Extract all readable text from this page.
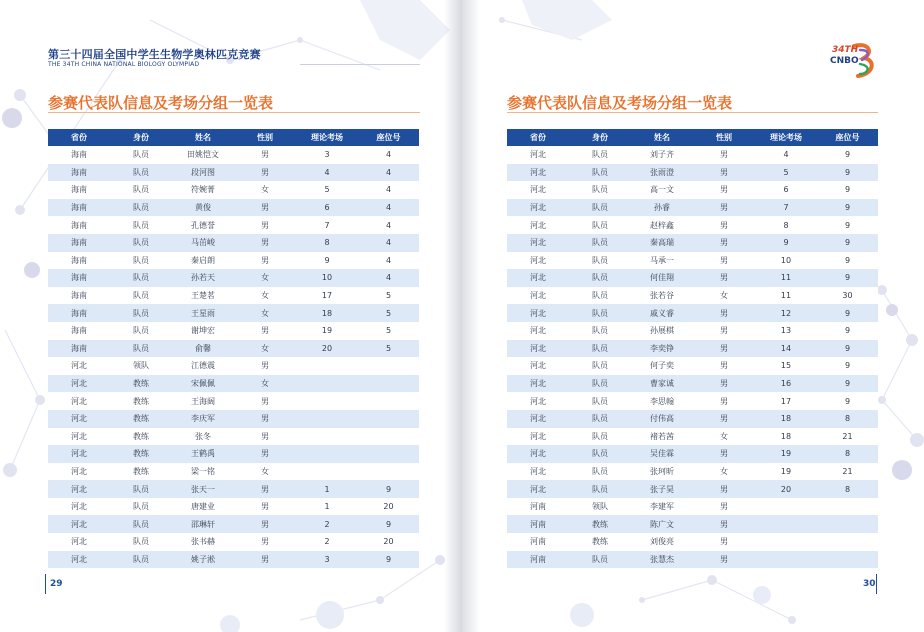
第三十四届全国中学生生物学奥林匹克竞赛
THE 34TH CHINA NATIONAL BIOLOGY OLYMPIAD
参赛代表队信息及考场分组一览表
省份	身份	姓名	性别	理论考场	座位号
海南	队员	田姚恺文	男	3	4
海南	队员	段河图	男	4	4
海南	队员	符婉菁	女	5	4
海南	队员	黄俊	男	6	4
海南	队员	孔德誉	男	7	4
海南	队员	马茁峻	男	8	4
海南	队员	秦启朗	男	9	4
海南	队员	孙若天	女	10	4
海南	队员	王楚茗	女	17	5
海南	队员	王星雨	女	18	5
海南	队员	谢坤宏	男	19	5
海南	队员	俞馨	女	20	5
河北	领队	江德震	男		
河北	教练	宋佩佩	女		
河北	教练	王海阔	男		
河北	教练	李庆军	男		
河北	教练	张冬	男		
河北	教练	王鹤禹	男		
河北	教练	梁一铭	女		
河北	队员	张天一	男	1	9
河北	队员	唐建业	男	1	20
河北	队员	邵琳轩	男	2	9
河北	队员	张书赫	男	2	20
河北	队员	姚子淞	男	3	9
29
参赛代表队信息及考场分组一览表
省份	身份	姓名	性别	理论考场	座位号
河北	队员	刘子齐	男	4	9
河北	队员	张雨澄	男	5	9
河北	队员	高一文	男	6	9
河北	队员	孙睿	男	7	9
河北	队员	赵梓鑫	男	8	9
河北	队员	秦高瑞	男	9	9
河北	队员	马承一	男	10	9
河北	队员	何佳翔	男	11	9
河北	队员	张若谷	女	11	30
河北	队员	戚义睿	男	12	9
河北	队员	孙展棋	男	13	9
河北	队员	李奕铮	男	14	9
河北	队员	何子奕	男	15	9
河北	队员	曹家诚	男	16	9
河北	队员	李思翰	男	17	9
河北	队员	付伟高	男	18	8
河北	队员	褚若茜	女	18	21
河北	队员	吴佳霖	男	19	8
河北	队员	张珂昕	女	19	21
河北	队员	张子昊	男	20	8
河南	领队	李建军	男		
河南	教练	陈广文	男		
河南	教练	刘俊亮	男		
河南	队员	张慧杰	男		
30
34TH
CNBO
